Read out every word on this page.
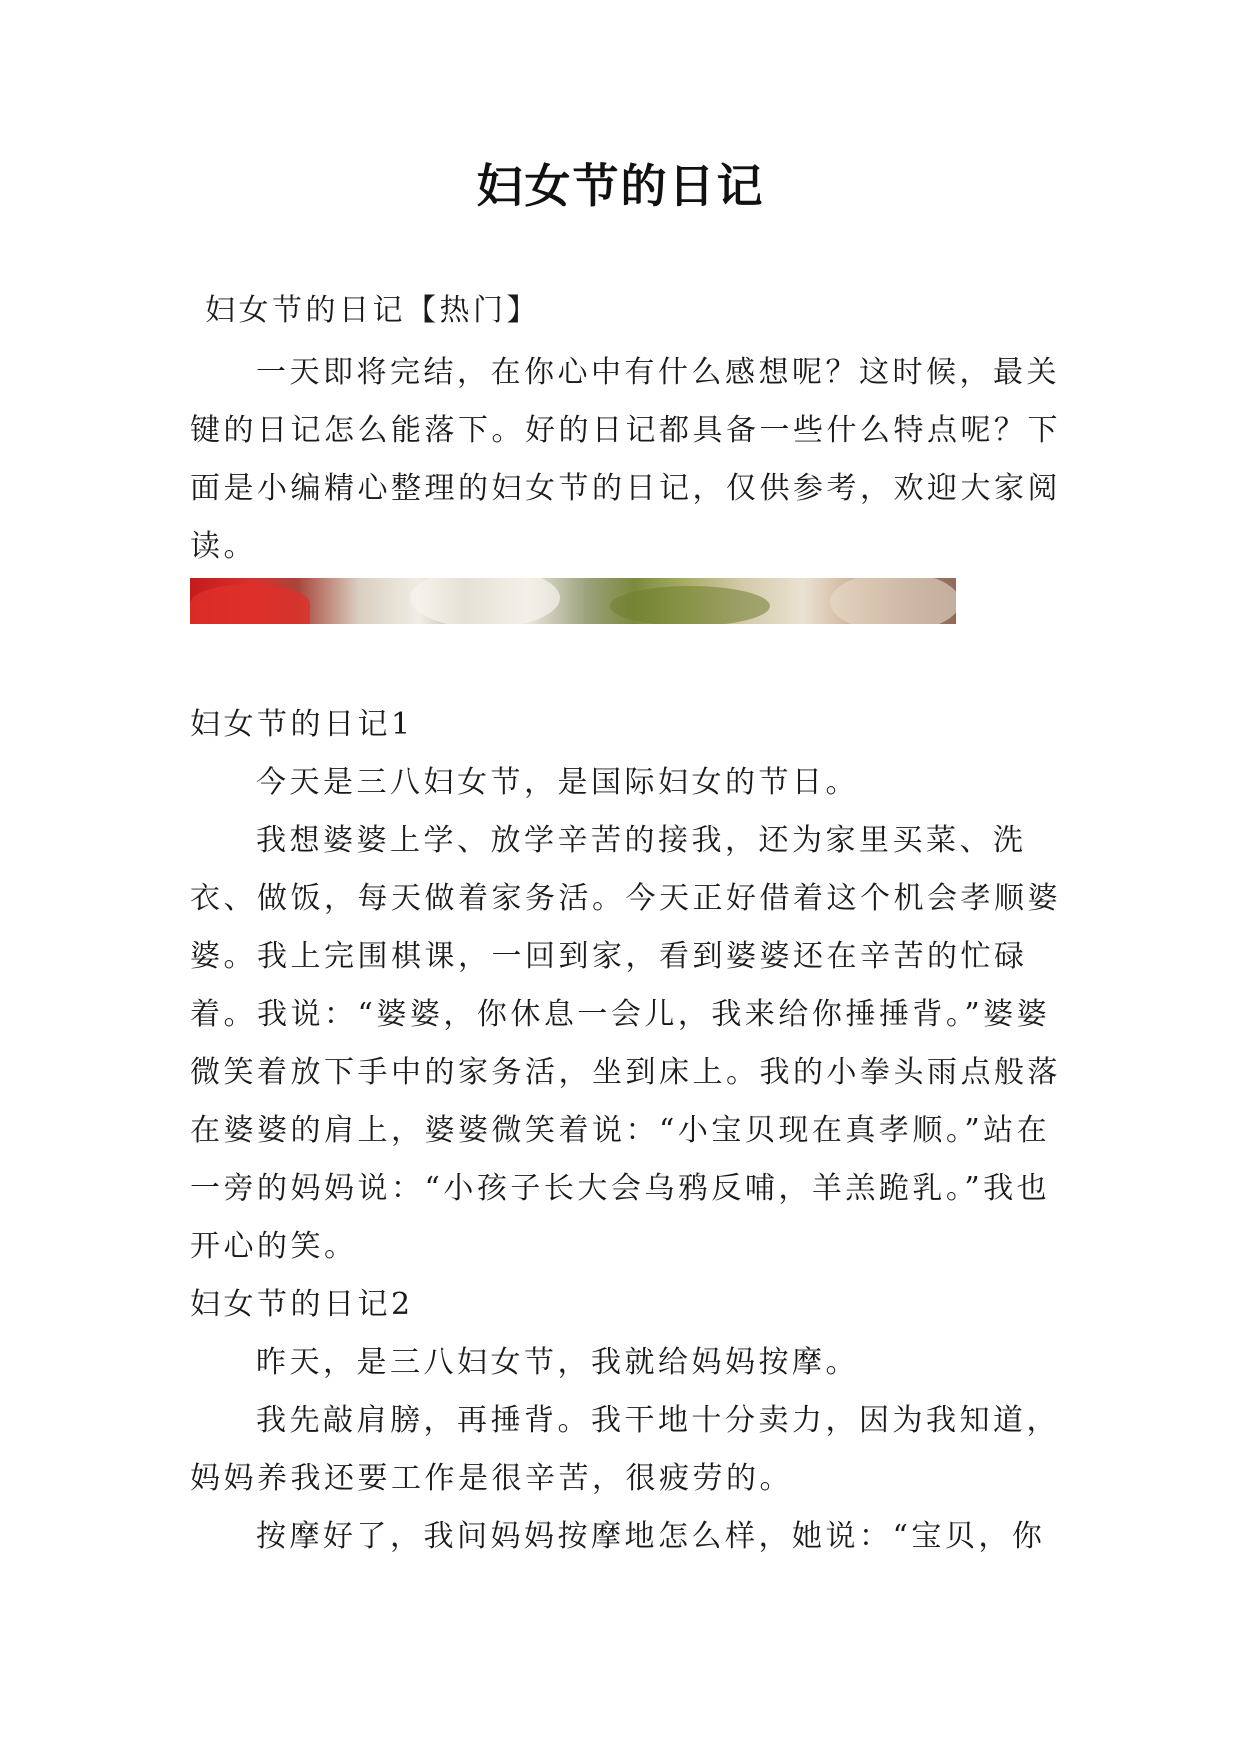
妇女节的日记

妇女节的日记【热门】

一天即将完结，在你心中有什么感想呢？这时候，最关键的日记怎么能落下。好的日记都具备一些什么特点呢？下面是小编精心整理的妇女节的日记，仅供参考，欢迎大家阅读。

妇女节的日记1

今天是三八妇女节，是国际妇女的节日。

我想婆婆上学、放学辛苦的接我，还为家里买菜、洗衣、做饭，每天做着家务活。今天正好借着这个机会孝顺婆婆。我上完围棋课，一回到家，看到婆婆还在辛苦的忙碌着。我说：“婆婆，你休息一会儿，我来给你捶捶背。”婆婆微笑着放下手中的家务活，坐到床上。我的小拳头雨点般落在婆婆的肩上，婆婆微笑着说：“小宝贝现在真孝顺。”站在一旁的妈妈说：“小孩子长大会乌鸦反哺，羊羔跪乳。”我也开心的笑。

妇女节的日记2

昨天，是三八妇女节，我就给妈妈按摩。

我先敲肩膀，再捶背。我干地十分卖力，因为我知道，妈妈养我还要工作是很辛苦，很疲劳的。

按摩好了，我问妈妈按摩地怎么样，她说：“宝贝，你
